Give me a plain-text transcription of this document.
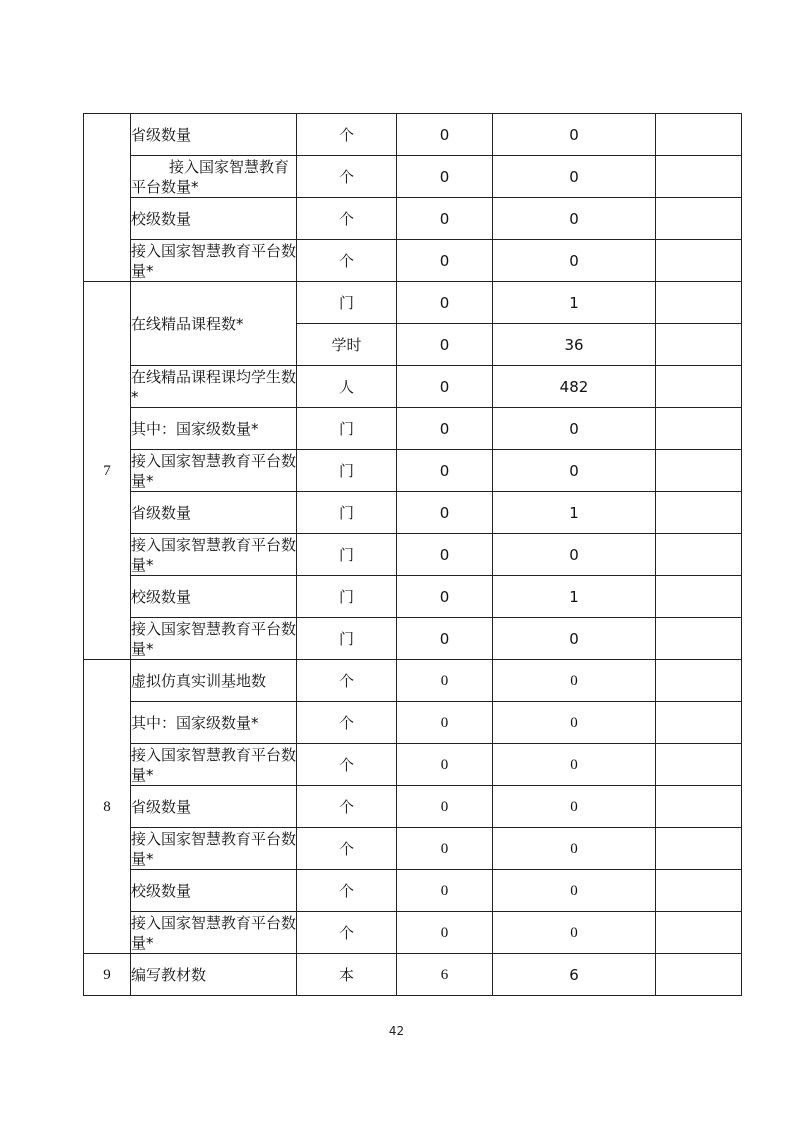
	省级数量	个	0	0	
	接入国家智慧教育平台数量*	个	0	0	
	校级数量	个	0	0	
	接入国家智慧教育平台数量*	个	0	0	
7	在线精品课程数*	门	0	1	
		学时	0	36	
	在线精品课程课均学生数*	人	0	482	
	其中：国家级数量*	门	0	0	
	接入国家智慧教育平台数量*	门	0	0	
	省级数量	门	0	1	
	接入国家智慧教育平台数量*	门	0	0	
	校级数量	门	0	1	
	接入国家智慧教育平台数量*	门	0	0	
8	虚拟仿真实训基地数	个	0	0	
	其中：国家级数量*	个	0	0	
	接入国家智慧教育平台数量*	个	0	0	
	省级数量	个	0	0	
	接入国家智慧教育平台数量*	个	0	0	
	校级数量	个	0	0	
	接入国家智慧教育平台数量*	个	0	0	
9	编写教材数	本	6	6	
42
